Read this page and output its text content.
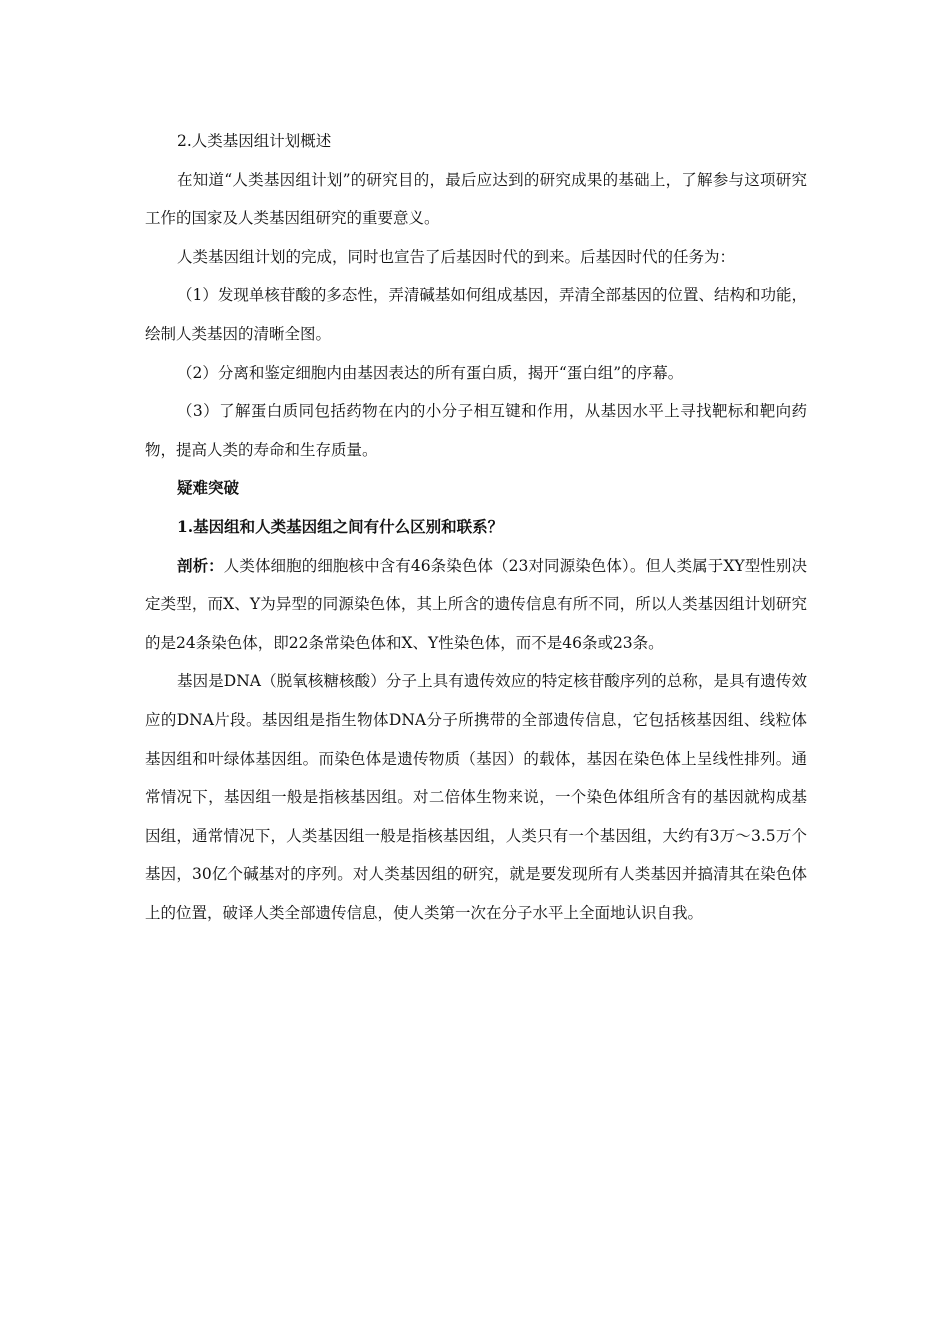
2.人类基因组计划概述

在知道“人类基因组计划”的研究目的，最后应达到的研究成果的基础上，了解参与这项研究工作的国家及人类基因组研究的重要意义。

人类基因组计划的完成，同时也宣告了后基因时代的到来。后基因时代的任务为：

（1）发现单核苷酸的多态性，弄清碱基如何组成基因，弄清全部基因的位置、结构和功能，绘制人类基因的清晰全图。

（2）分离和鉴定细胞内由基因表达的所有蛋白质，揭开“蛋白组”的序幕。

（3）了解蛋白质同包括药物在内的小分子相互键和作用，从基因水平上寻找靶标和靶向药物，提高人类的寿命和生存质量。

疑难突破

1.基因组和人类基因组之间有什么区别和联系？

剖析：人类体细胞的细胞核中含有46条染色体（23对同源染色体）。但人类属于XY型性别决定类型，而X、Y为异型的同源染色体，其上所含的遗传信息有所不同，所以人类基因组计划研究的是24条染色体，即22条常染色体和X、Y性染色体，而不是46条或23条。

基因是DNA（脱氧核糖核酸）分子上具有遗传效应的特定核苷酸序列的总称，是具有遗传效应的DNA片段。基因组是指生物体DNA分子所携带的全部遗传信息，它包括核基因组、线粒体基因组和叶绿体基因组。而染色体是遗传物质（基因）的载体，基因在染色体上呈线性排列。通常情况下，基因组一般是指核基因组。对二倍体生物来说，一个染色体组所含有的基因就构成基因组，通常情况下，人类基因组一般是指核基因组，人类只有一个基因组，大约有3万～3.5万个基因，30亿个碱基对的序列。对人类基因组的研究，就是要发现所有人类基因并搞清其在染色体上的位置，破译人类全部遗传信息，使人类第一次在分子水平上全面地认识自我。
